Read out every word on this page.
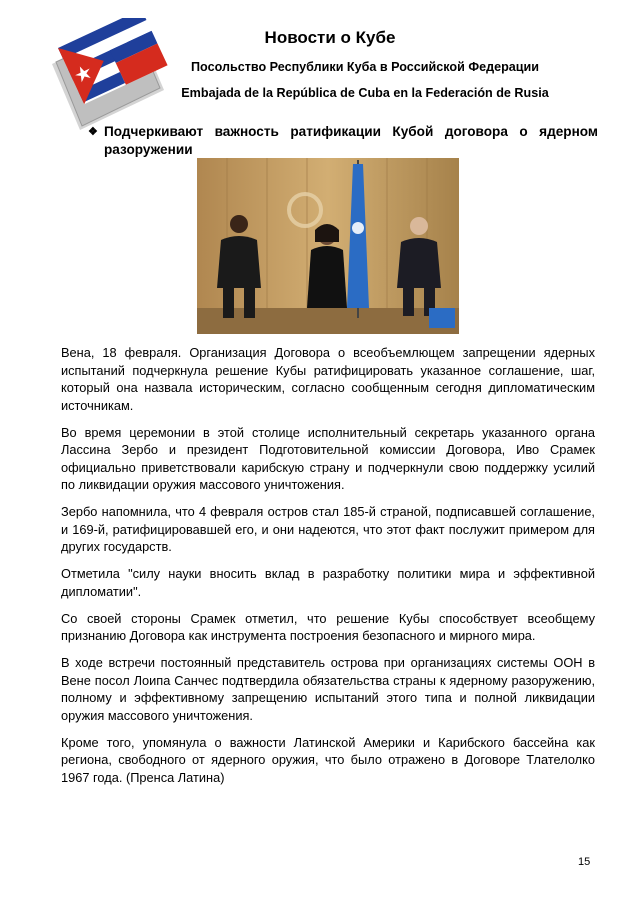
Новости о Кубе
Посольство Республики Куба в Российской Федерации
Embajada de la República de Cuba en la Federación de Rusia
❖ Подчеркивают важность ратификации Кубой договора о ядерном разоружении

Вена, 18 февраля. Организация Договора о всеобъемлющем запрещении ядерных испытаний подчеркнула решение Кубы ратифицировать указанное соглашение, шаг, который она назвала историческим, согласно сообщенным сегодня дипломатическим источникам.

Во время церемонии в этой столице исполнительный секретарь указанного органа Лассина Зербо и президент Подготовительной комиссии Договора, Иво Срамек официально приветствовали карибскую страну и подчеркнули свою поддержку усилий по ликвидации оружия массового уничтожения.

Зербо напомнила, что 4 февраля остров стал 185-й страной, подписавшей соглашение, и 169-й, ратифицировавшей его, и они надеются, что этот факт послужит примером для других государств.

Отметила "силу науки вносить вклад в разработку политики мира и эффективной дипломатии".

Со своей стороны Срамек отметил, что решение Кубы способствует всеобщему признанию Договора как инструмента построения безопасного и мирного мира.

В ходе встречи постоянный представитель острова при организациях системы ООН в Вене посол Лоипа Санчес подтвердила обязательства страны к ядерному разоружению, полному и эффективному запрещению испытаний этого типа и полной ликвидации оружия массового уничтожения.

Кроме того, упомянула о важности Латинской Америки и Карибского бассейна как региона, свободного от ядерного оружия, что было отражено в Договоре Тлателолко 1967 года. (Пренса Латина)

15
